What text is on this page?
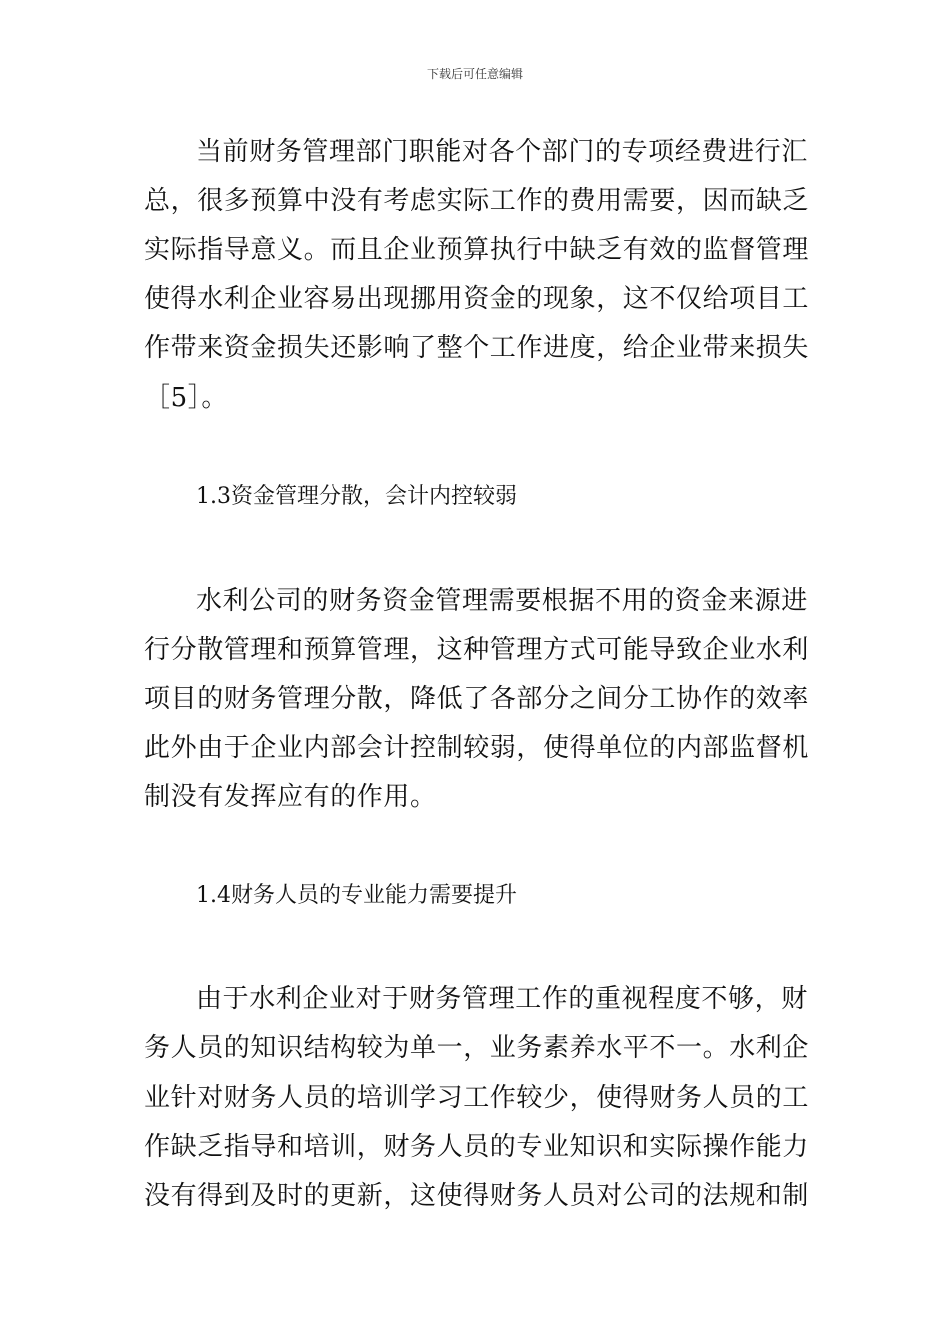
下载后可任意编辑
当前财务管理部门职能对各个部门的专项经费进行汇
总，很多预算中没有考虑实际工作的费用需要，因而缺乏
实际指导意义。而且企业预算执行中缺乏有效的监督管理
使得水利企业容易出现挪用资金的现象，这不仅给项目工
作带来资金损失还影响了整个工作进度，给企业带来损失
［5］。
1.3资金管理分散，会计内控较弱
水利公司的财务资金管理需要根据不用的资金来源进
行分散管理和预算管理，这种管理方式可能导致企业水利
项目的财务管理分散，降低了各部分之间分工协作的效率
此外由于企业内部会计控制较弱，使得单位的内部监督机
制没有发挥应有的作用。
1.4财务人员的专业能力需要提升
由于水利企业对于财务管理工作的重视程度不够，财
务人员的知识结构较为单一，业务素养水平不一。水利企
业针对财务人员的培训学习工作较少，使得财务人员的工
作缺乏指导和培训，财务人员的专业知识和实际操作能力
没有得到及时的更新，这使得财务人员对公司的法规和制
